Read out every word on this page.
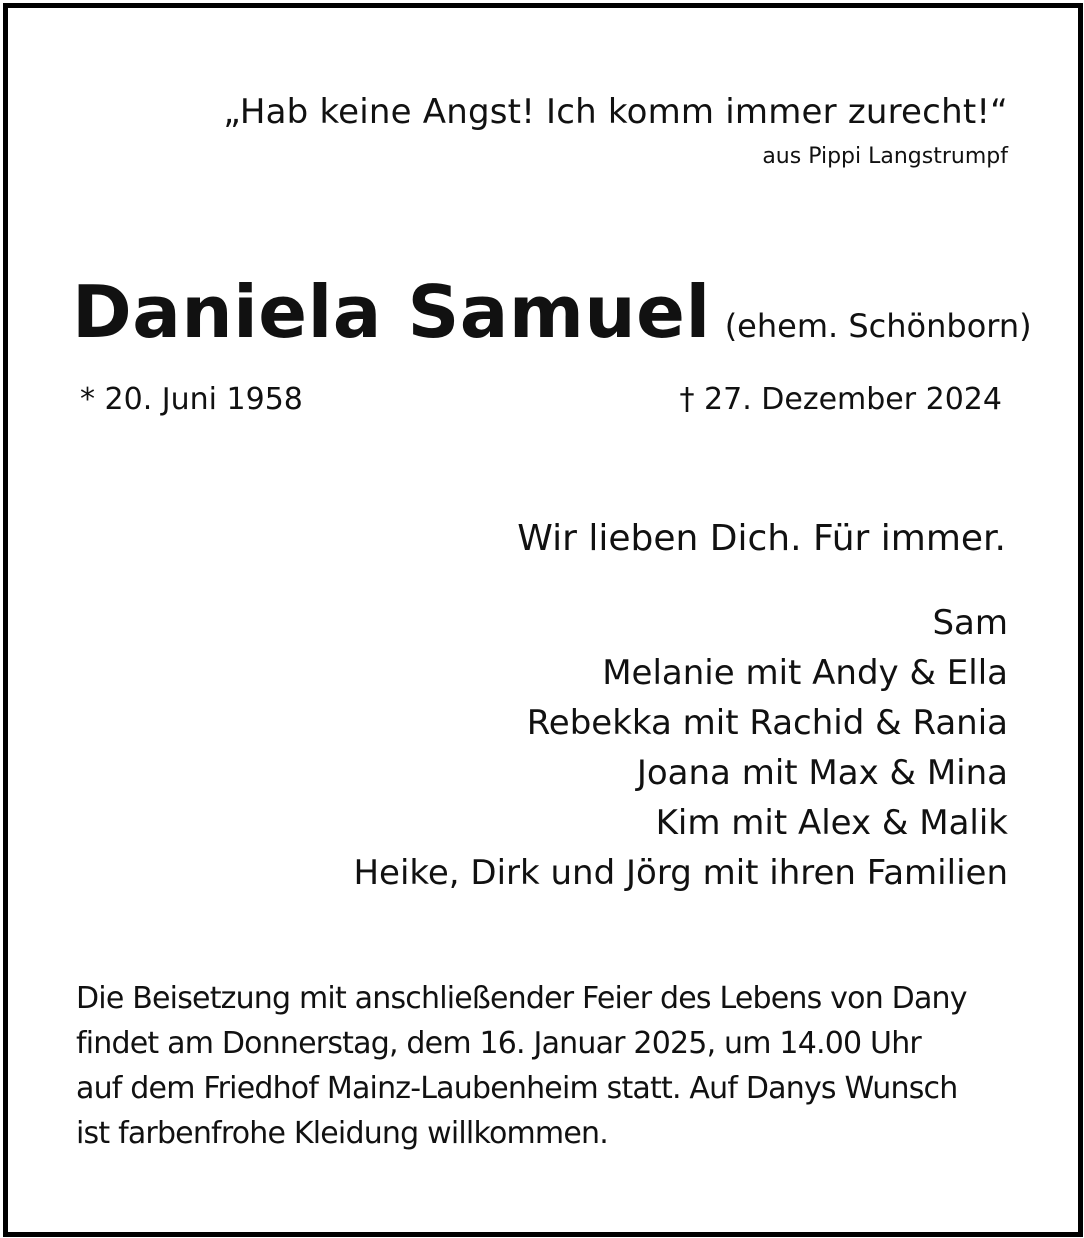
„Hab keine Angst! Ich komm immer zurecht!“
aus Pippi Langstrumpf
Daniela Samuel (ehem. Schönborn)
* 20. Juni 1958	† 27. Dezember 2024
Wir lieben Dich. Für immer.
Sam
Melanie mit Andy & Ella
Rebekka mit Rachid & Rania
Joana mit Max & Mina
Kim mit Alex & Malik
Heike, Dirk und Jörg mit ihren Familien
Die Beisetzung mit anschließender Feier des Lebens von Dany
findet am Donnerstag, dem 16. Januar 2025, um 14.00 Uhr
auf dem Friedhof Mainz-Laubenheim statt. Auf Danys Wunsch
ist farbenfrohe Kleidung willkommen.
